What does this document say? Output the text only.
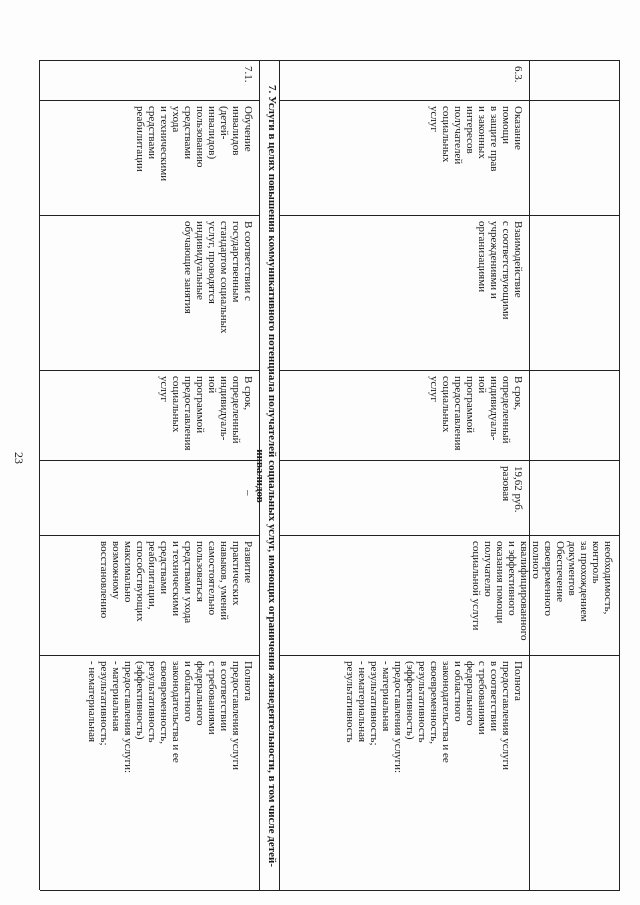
23
6.3.
Оказание
помощи
в защите прав
и законных
интересов
получателей
социальных
услуг
Взаимодействие
с соответствующими
учреждениями и
организациями
В срок,
определенный
индивидуаль-
ной
программой
предоставления
социальных
услуг
19,62 руб.
разовая
необходимость,
контроль
за прохождением
документов
Обеспечение
своевременного
полного
квалифицированного
и эффективного
оказания помощи
получателю
социальной услуги
Полнота
предоставления услуги
в соответствии
с требованиями
федерального
и областного
законодательства и ее
своевременность,
результативность
(эффективность)
предоставления услуги:
- материальная
результативность;
- нематериальная
результативность
7. Услуги в целях повышения коммуникативного потенциала получателей социальных услуг, имеющих ограничения жизнедеятельности, в том числе детей-инвалидов
7.1.
Обучение
инвалидов
(детей-
инвалидов)
пользованию
средствами
ухода
и техническими
средствами
реабилитации
В соответствии с
государственным
стандартом социальных
услуг, проводятся
индивидуальные
обучающие занятия
В срок,
определенный
индивидуаль-
ной
программой
предоставления
социальных
услуг
–
Развитие
практических
навыков, умений
самостоятельно
пользоваться
средствами ухода
и техническими
средствами
реабилитации,
способствующих
максимально
возможному
восстановлению
Полнота
предоставления услуги
в соответствии
с требованиями
федерального
и областного
законодательства и ее
своевременность,
результативность
(эффективность)
предоставления услуги:
- материальная
результативность;
- нематериальная
